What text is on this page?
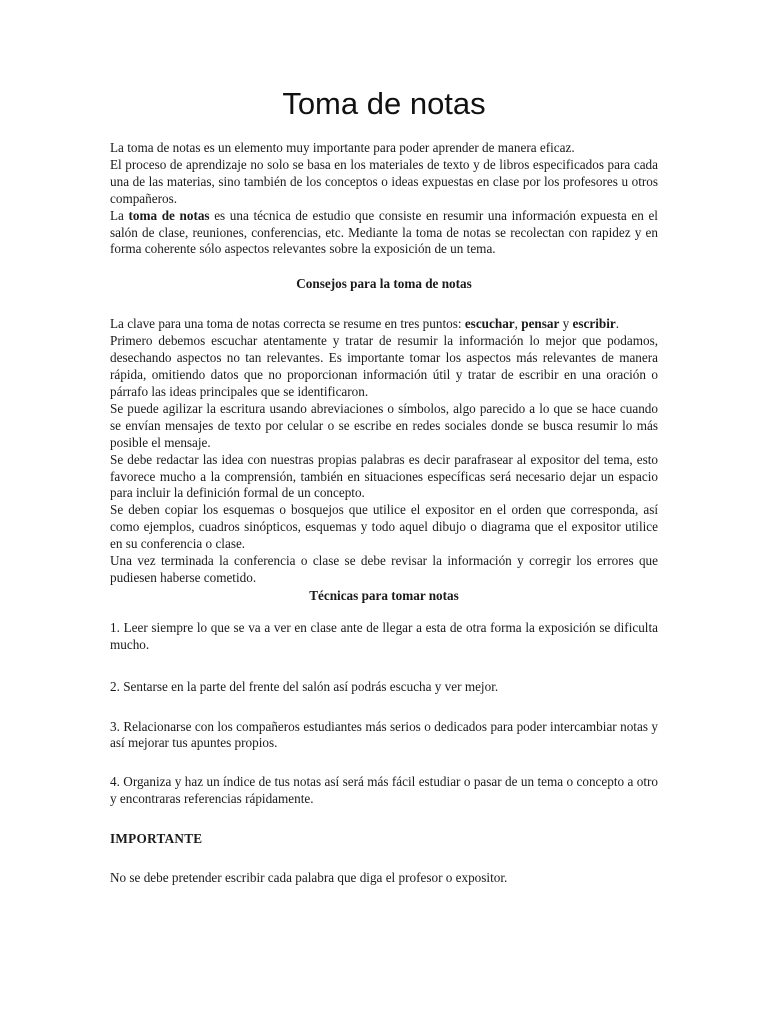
Toma de notas

La toma de notas es un elemento muy importante para poder aprender de manera eficaz.

El proceso de aprendizaje no solo se basa en los materiales de texto y de libros especificados para cada una de las materias, sino también de los conceptos o ideas expuestas en clase por los profesores u otros compañeros.

La toma de notas es una técnica de estudio que consiste en resumir una información expuesta en el salón de clase, reuniones, conferencias, etc. Mediante la toma de notas se recolectan con rapidez y en forma coherente sólo aspectos relevantes sobre la exposición de un tema.

Consejos para la toma de notas

La clave para una toma de notas correcta se resume en tres puntos: escuchar, pensar y escribir.

Primero debemos escuchar atentamente y tratar de resumir la información lo mejor que podamos, desechando aspectos no tan relevantes. Es importante tomar los aspectos más relevantes de manera rápida, omitiendo datos que no proporcionan información útil y tratar de escribir en una oración o párrafo las ideas principales que se identificaron.

Se puede agilizar la escritura usando abreviaciones o símbolos, algo parecido a lo que se hace cuando se envían mensajes de texto por celular o se escribe en redes sociales donde se busca resumir lo más posible el mensaje.

Se debe redactar las idea con nuestras propias palabras es decir parafrasear al expositor del tema, esto favorece mucho a la comprensión, también en situaciones específicas será necesario dejar un espacio para incluir la definición formal de un concepto.

Se deben copiar los esquemas o bosquejos que utilice el expositor en el orden que corresponda, así como ejemplos, cuadros sinópticos, esquemas y todo aquel dibujo o diagrama que el expositor utilice en su conferencia o clase.

Una vez terminada la conferencia o clase se debe revisar la información y corregir los errores que pudiesen haberse cometido.

Técnicas para tomar notas

1. Leer siempre lo que se va a ver en clase ante de llegar a esta de otra forma la exposición se dificulta mucho.

2. Sentarse en la parte del frente del salón así podrás escucha y ver mejor.

3. Relacionarse con los compañeros estudiantes más serios o dedicados para poder intercambiar notas y así mejorar tus apuntes propios.

4. Organiza y haz un índice de tus notas así será más fácil estudiar o pasar de un tema o concepto a otro y encontraras referencias rápidamente.

IMPORTANTE

No se debe pretender escribir cada palabra que diga el profesor o expositor.
